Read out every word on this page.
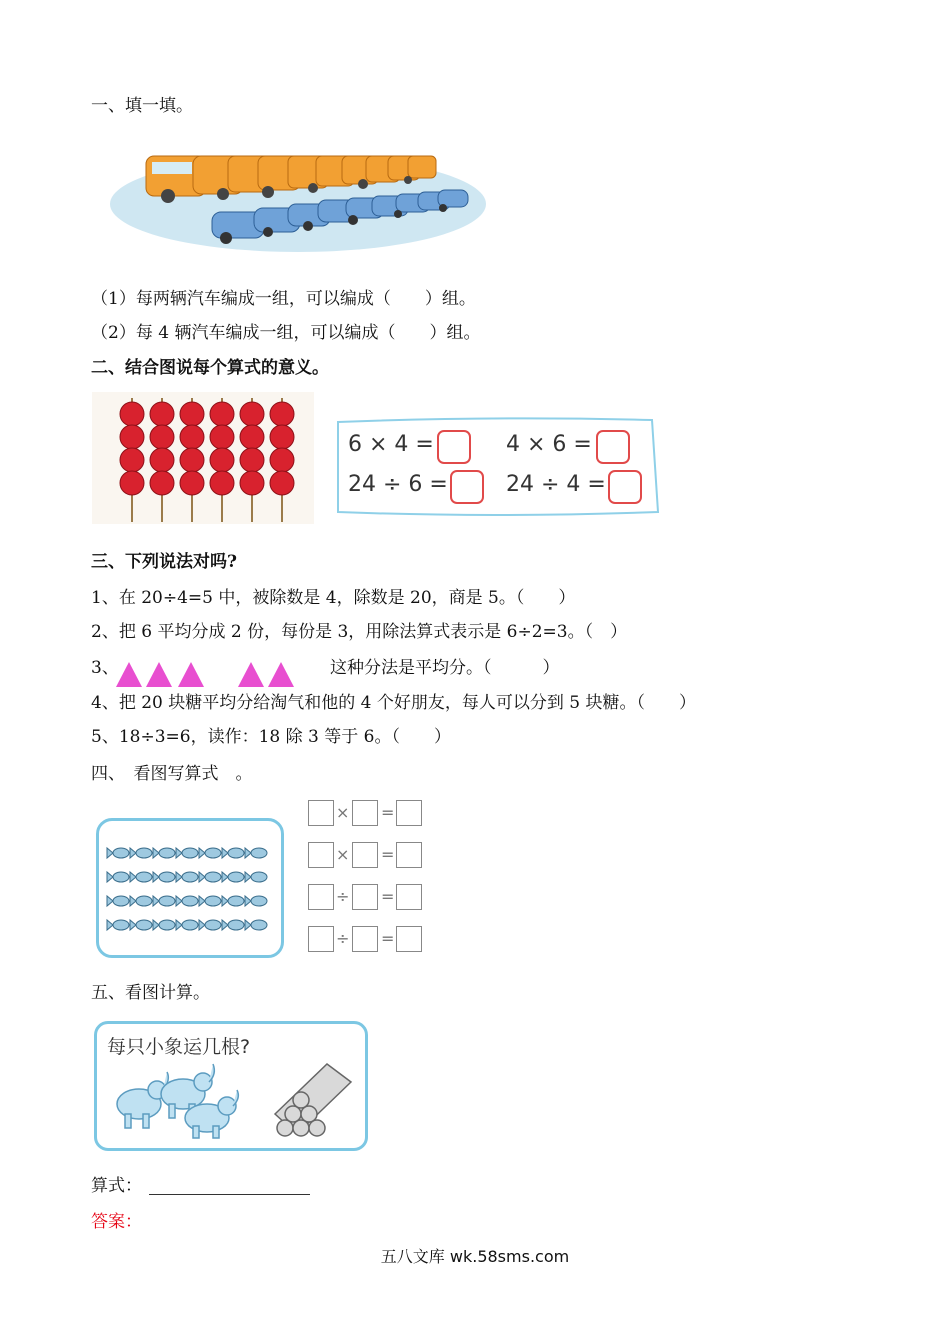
一、填一填。
（1）每两辆汽车编成一组，可以编成（　　）组。
（2）每 4 辆汽车编成一组，可以编成（　　）组。
二、结合图说每个算式的意义。
6 × 4 =	4 × 6 =
24 ÷ 6 =	24 ÷ 4 =
三、下列说法对吗?
1、在 20÷4=5 中，被除数是 4，除数是 20，商是 5。（　　）
2、把 6 平均分成 2 份，每份是 3，用除法算式表示是 6÷2=3。（　）
3、	这种分法是平均分。（　　　）
4、把 20 块糖平均分给淘气和他的 4 个好朋友，每人可以分到 5 块糖。（　　）
5、18÷3=6，读作：18 除 3 等于 6。（　　）
四、　看图写算式　。
五、看图计算。
每只小象运几根?
算式：
答案：
五八文库 wk.58sms.com
× =
× =
÷ =
÷ =
